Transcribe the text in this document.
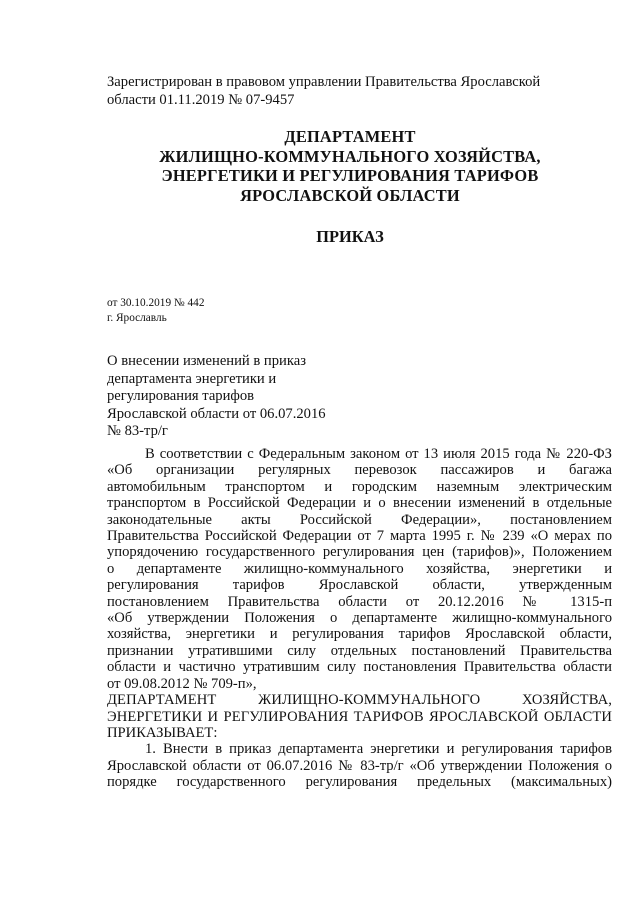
Зарегистрирован в правовом управлении Правительства Ярославской
области 01.11.2019 № 07-9457
ДЕПАРТАМЕНТ
ЖИЛИЩНО-КОММУНАЛЬНОГО ХОЗЯЙСТВА,
ЭНЕРГЕТИКИ И РЕГУЛИРОВАНИЯ ТАРИФОВ
ЯРОСЛАВСКОЙ ОБЛАСТИ
ПРИКАЗ
от 30.10.2019 № 442
г. Ярославль
О внесении изменений в приказ
департамента энергетики и
регулирования тарифов
Ярославской области от 06.07.2016
№ 83-тр/г
В соответствии с Федеральным законом от 13 июля 2015 года № 220-ФЗ
«Об организации регулярных перевозок пассажиров и багажа
автомобильным транспортом и городским наземным электрическим
транспортом в Российской Федерации и о внесении изменений в отдельные
законодательные акты Российской Федерации», постановлением
Правительства Российской Федерации от 7 марта 1995 г. № 239 «О мерах по
упорядочению государственного регулирования цен (тарифов)», Положением
о департаменте жилищно-коммунального хозяйства, энергетики и
регулирования тарифов Ярославской области, утвержденным
постановлением Правительства области от 20.12.2016 № 1315-п
«Об утверждении Положения о департаменте жилищно-коммунального
хозяйства, энергетики и регулирования тарифов Ярославской области,
признании утратившими силу отдельных постановлений Правительства
области и частично утратившим силу постановления Правительства области
от 09.08.2012 № 709-п»,
ДЕПАРТАМЕНТ ЖИЛИЩНО-КОММУНАЛЬНОГО ХОЗЯЙСТВА,
ЭНЕРГЕТИКИ И РЕГУЛИРОВАНИЯ ТАРИФОВ ЯРОСЛАВСКОЙ ОБЛАСТИ
ПРИКАЗЫВАЕТ:
1. Внести в приказ департамента энергетики и регулирования тарифов
Ярославской области от 06.07.2016 № 83-тр/г «Об утверждении Положения о
порядке государственного регулирования предельных (максимальных)
